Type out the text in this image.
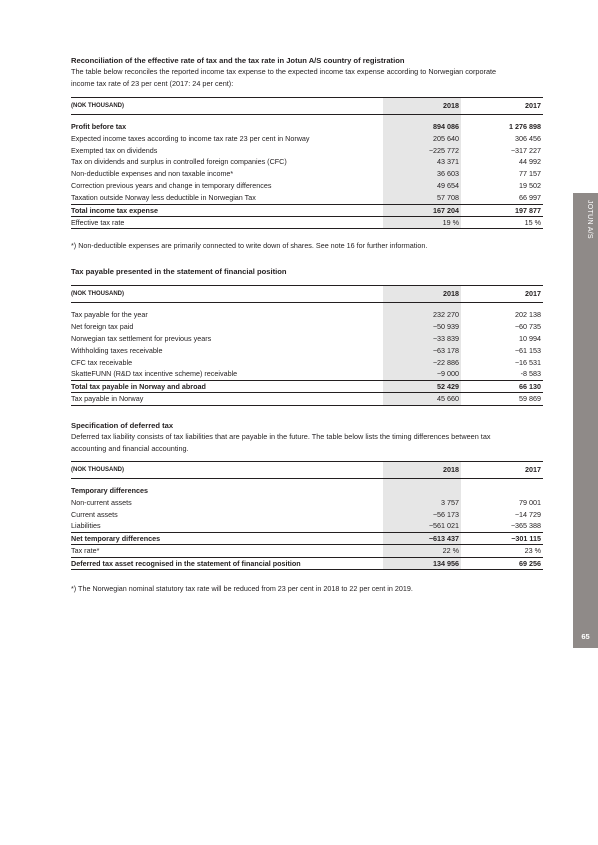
Reconciliation of the effective rate of tax and the tax rate in Jotun A/S country of registration

The table below reconciles the reported income tax expense to the expected income tax expense according to Norwegian corporate

income tax rate of 23 per cent (2017: 24 per cent):

(NOK THOUSAND)	2018	2017

Profit before tax	894 086	1 276 898
Expected income taxes according to income tax rate 23 per cent in Norway	205 640	306 456
Exempted tax on dividends	−225 772	−317 227
Tax on dividends and surplus in controlled foreign companies (CFC)	43 371	44 992
Non-deductible expenses and non taxable income*	36 603	77 157
Correction previous years and change in temporary differences	49 654	19 502
Taxation outside Norway less deductible in Norwegian Tax	57 708	66 997
Total income tax expense	167 204	197 877
Effective tax rate	19 %	15 %

*) Non-deductible expenses are primarily connected to write down of shares. See note 16 for further information.

Tax payable presented in the statement of financial position

(NOK THOUSAND)	2018	2017

Tax payable for the year	232 270	202 138
Net foreign tax paid	−50 939	−60 735
Norwegian tax settlement for previous years	−33 839	10 994
Withholding taxes receivable	−63 178	−61 153
CFC tax receivable	−22 886	−16 531
SkatteFUNN (R&D tax incentive scheme) receivable	−9 000	-8 583
Total tax payable in Norway and abroad	52 429	66 130
Tax payable in Norway	45 660	59 869

Specification of deferred tax

Deferred tax liability consists of tax liabilities that are payable in the future. The table below lists the timing differences between tax

accounting and financial accounting.

(NOK THOUSAND)	2018	2017

Temporary differences		
Non-current assets	3 757	79 001
Current assets	−56 173	−14 729
Liabilities	−561 021	−365 388
Net temporary differences	−613 437	−301 115
Tax rate*	22 %	23 %
Deferred tax asset recognised in the statement of financial position	134 956	69 256

*) The Norwegian nominal statutory tax rate will be reduced from 23 per cent in 2018 to 22 per cent in 2019.

JOTUN A/S
65
